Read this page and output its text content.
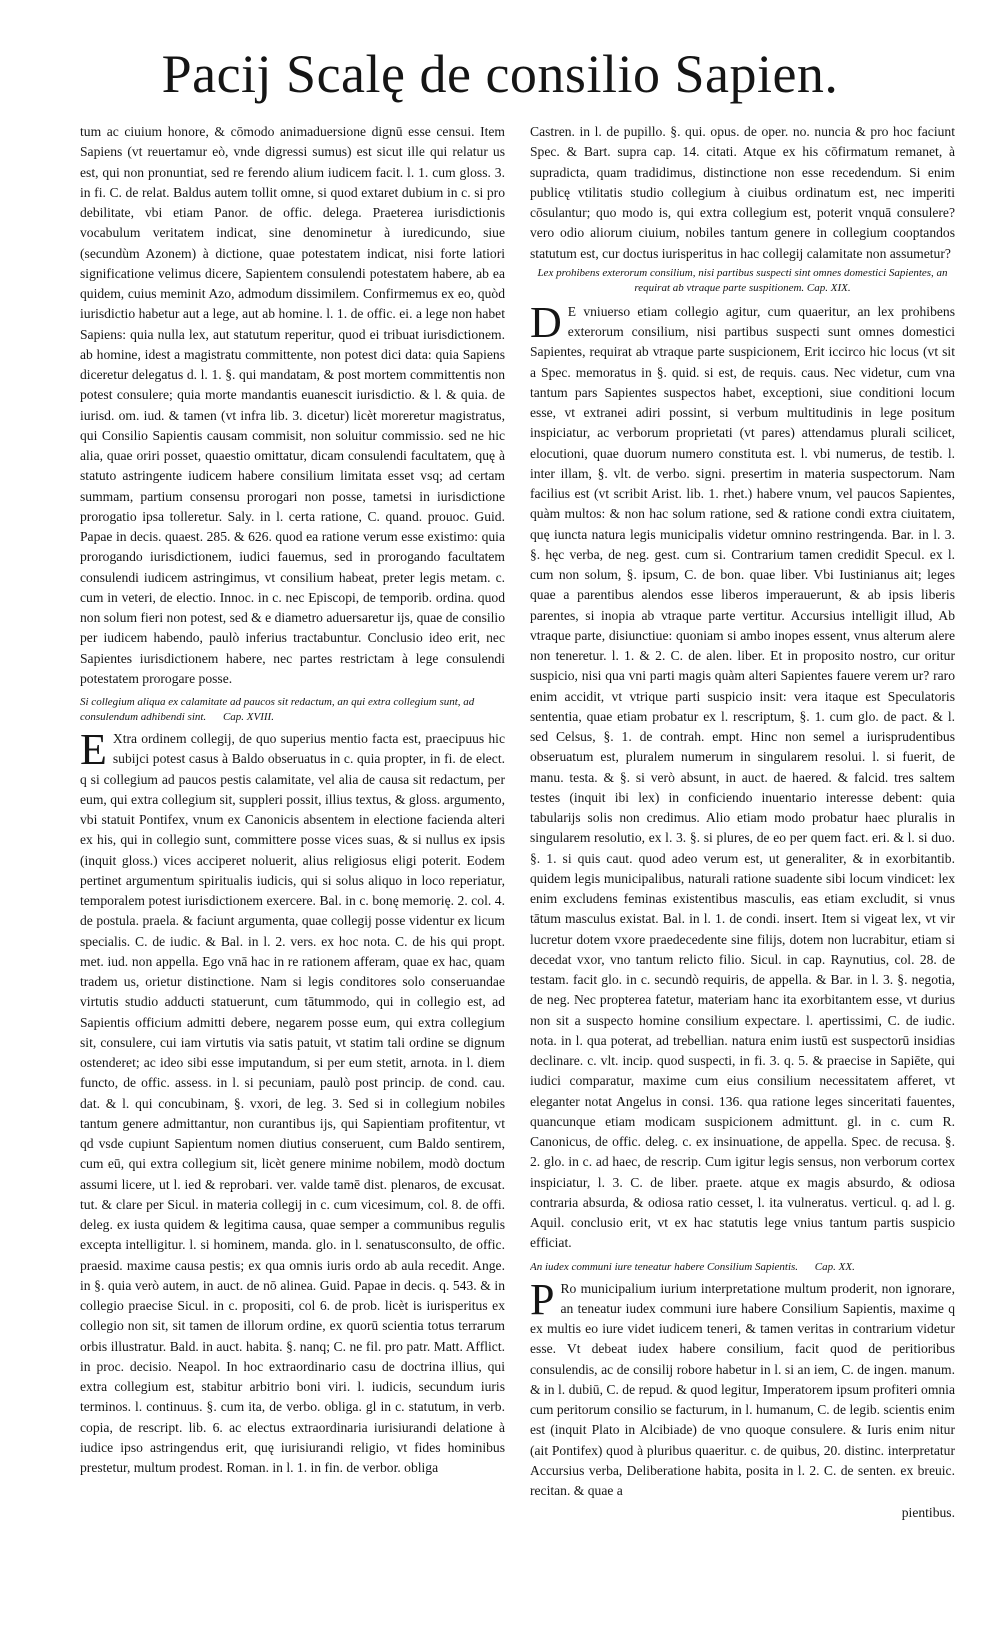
Pacij Scalę de consilio Sapien.

tum ac ciuium honore, & cōmodo animaduersione dignū esse censui. Item Sapiens (vt reuertamur eò, vnde digressi sumus) est sicut ille qui relatur us est, qui non pronuntiat, sed re ferendo alium iudicem facit. l. 1. cum gloss. 3. in fi. C. de relat. Baldus autem tollit omne, si quod extaret dubium in c. si pro debilitate, vbi etiam Panor. de offic. delega. Praeterea iurisdictionis vocabulum veritatem indicat, sine denominetur à iuredicundo, siue (secundùm Azonem) à dictione, quae potestatem indicat, nisi forte latiori significatione velimus dicere, Sapientem consulendi potestatem habere, ab ea quidem, cuius meminit Azo, admodum dissimilem. Confirmemus ex eo, quòd iurisdictio habetur aut a lege, aut ab homine. l. 1. de offic. ei. a lege non habet Sapiens: quia nulla lex, aut statutum reperitur, quod ei tribuat iurisdictionem. ab homine, idest a magistratu committente, non potest dici data: quia Sapiens diceretur delegatus d. l. 1. §. qui mandatam, & post mortem committentis non potest consulere; quia morte mandantis euanescit iurisdictio. & l. & quia. de iurisd. om. iud. & tamen (vt infra lib. 3. dicetur) licèt moreretur magistratus, qui Consilio Sapientis causam commisit, non soluitur commissio. sed ne hic alia, quae oriri posset, quaestio omittatur, dicam consulendi facultatem, quę à statuto astringente iudicem habere consilium limitata esset vsq; ad certam summam, partium consensu prorogari non posse, tametsi in iurisdictione prorogatio ipsa tolleretur. Saly. in l. certa ratione, C. quand. prouoc. Guid. Papae in decis. quaest. 285. & 626. quod ea ratione verum esse existimo: quia prorogando iurisdictionem, iudici fauemus, sed in prorogando facultatem consulendi iudicem astringimus, vt consilium habeat, preter legis metam. c. cum in veteri, de electio. Innoc. in c. nec Episcopi, de temporib. ordina. quod non solum fieri non potest, sed & e diametro aduersaretur ijs, quae de consilio per iudicem habendo, paulò inferius tractabuntur. Conclusio ideo erit, nec Sapientes iurisdictionem habere, nec partes restrictam à lege consulendi potestatem prorogare posse.

Si collegium aliqua ex calamitate ad paucos sit redactum, an qui extra collegium sunt, ad consulendum adhibendi sint. Cap. XVIII.

E Xtra ordinem collegij, de quo superius mentio facta est, praecipuus hic subijci potest casus à Baldo obseruatus in c. quia propter, in fi. de elect. q si collegium ad paucos pestis calamitate, vel alia de causa sit redactum, per eum, qui extra collegium sit, suppleri possit, illius textus, & gloss. argumento, vbi statuit Pontifex, vnum ex Canonicis absentem in electione facienda alteri ex his, qui in collegio sunt, committere posse vices suas, & si nullus ex ipsis (inquit gloss.) vices acciperet noluerit, alius religiosus eligi poterit. Eodem pertinet argumentum spiritualis iudicis, qui si solus aliquo in loco reperiatur, temporalem potest iurisdictionem exercere. Bal. in c. bonę memorię. 2. col. 4. de postula. praela. & faciunt argumenta, quae collegij posse videntur ex licum specialis. C. de iudic. & Bal. in l. 2. vers. ex hoc nota. C. de his qui propt. met. iud. non appella. Ego vnā hac in re rationem afferam, quae ex hac, quam tradem us, orietur distinctione. Nam si legis conditores solo conseruandae virtutis studio adducti statuerunt, cum tātummodo, qui in collegio est, ad Sapientis officium admitti debere, negarem posse eum, qui extra collegium sit, consulere, cui iam virtutis via satis patuit, vt statim tali ordine se dignum ostenderet; ac ideo sibi esse imputandum, si per eum stetit, arnota. in l. diem functo, de offic. assess. in l. si pecuniam, paulò post princip. de cond. cau. dat. & l. qui concubinam, §. vxori, de leg. 3. Sed si in collegium nobiles tantum genere admittantur, non curantibus ijs, qui Sapientiam profitentur, vt qd vsde cupiunt Sapientum nomen diutius conseruent, cum Baldo sentirem, cum eū, qui extra collegium sit, licèt genere minime nobilem, modò doctum assumi licere, ut l. ied & reprobari. ver. valde tamē dist. plenaros, de excusat. tut. & clare per Sicul. in materia collegij in c. cum vicesimum, col. 8. de offi. deleg. ex iusta quidem & legitima causa, quae semper a communibus regulis excepta intelligitur. l. si hominem, manda. glo. in l. senatusconsulto, de offic. praesid. maxime causa pestis; ex qua omnis iuris ordo ab aula recedit. Ange. in §. quia verò autem, in auct. de nō alinea. Guid. Papae in decis. q. 543. & in collegio praecise Sicul. in c. propositi, col 6. de prob. licèt is iurisperitus ex collegio non sit, sit tamen de illorum ordine, ex quorū scientia totus terrarum orbis illustratur. Bald. in auct. habita. §. nanq; C. ne fil. pro patr. Matt. Afflict. in proc. decisio. Neapol. In hoc extraordinario casu de doctrina illius, qui extra collegium est, stabitur arbitrio boni viri. l. iudicis, secundum iuris terminos. l. continuus. §. cum ita, de verbo. obliga. gl in c. statutum, in verb. copia, de rescript. lib. 6. ac electus extraordinaria iurisiurandi delatione à iudice ipso astringendus erit, quę iurisiurandi religio, vt fides hominibus prestetur, multum prodest. Roman. in l. 1. in fin. de verbor. obliga

Castren. in l. de pupillo. §. qui. opus. de oper. no. nuncia & pro hoc faciunt Spec. & Bart. supra cap. 14. citati. Atque ex his cōfirmatum remanet, à supradicta, quam tradidimus, distinctione non esse recedendum. Si enim publicę vtilitatis studio collegium à ciuibus ordinatum est, nec imperiti cōsulantur; quo modo is, qui extra collegium est, poterit vnquā consulere? vero odio aliorum ciuium, nobiles tantum genere in collegium cooptandos statutum est, cur doctus iurisperitus in hac collegij calamitate non assumetur?

Lex prohibens exterorum consilium, nisi partibus suspecti sint omnes domestici Sapientes, an requirat ab vtraque parte suspitionem. Cap. XIX.

D E vniuerso etiam collegio agitur, cum quaeritur, an lex prohibens exterorum consilium, nisi partibus suspecti sunt omnes domestici Sapientes, requirat ab vtraque parte suspicionem, Erit iccirco hic locus (vt sit a Spec. memoratus in §. quid. si est, de requis. caus. Nec videtur, cum vna tantum pars Sapientes suspectos habet, exceptioni, siue conditioni locum esse, vt extranei adiri possint, si verbum multitudinis in lege positum inspiciatur, ac verborum proprietati (vt pares) attendamus plurali scilicet, elocutioni, quae duorum numero constituta est. l. vbi numerus, de testib. l. inter illam, §. vlt. de verbo. signi. presertim in materia suspectorum. Nam facilius est (vt scribit Arist. lib. 1. rhet.) habere vnum, vel paucos Sapientes, quàm multos: & non hac solum ratione, sed & ratione condi extra ciuitatem, quę iuncta natura legis municipalis videtur omnino restringenda. Bar. in l. 3. §. hęc verba, de neg. gest. cum si. Contrarium tamen credidit Specul. ex l. cum non solum, §. ipsum, C. de bon. quae liber. Vbi Iustinianus ait; leges quae a parentibus alendos esse liberos imperauerunt, & ab ipsis liberis parentes, si inopia ab vtraque parte vertitur. Accursius intelligit illud, Ab vtraque parte, disiunctiue: quoniam si ambo inopes essent, vnus alterum alere non teneretur. l. 1. & 2. C. de alen. liber. Et in proposito nostro, cur oritur suspicio, nisi qua vni parti magis quàm alteri Sapientes fauere verem ur? raro enim accidit, vt vtrique parti suspicio insit: vera itaque est Speculatoris sententia, quae etiam probatur ex l. rescriptum, §. 1. cum glo. de pact. & l. sed Celsus, §. 1. de contrah. empt. Hinc non semel a iurisprudentibus obseruatum est, pluralem numerum in singularem resolui. l. si fuerit, de manu. testa. & §. si verò absunt, in auct. de haered. & falcid. tres saltem testes (inquit ibi lex) in conficiendo inuentario interesse debent: quia tabularijs solis non credimus. Alio etiam modo probatur haec pluralis in singularem resolutio, ex l. 3. §. si plures, de eo per quem fact. eri. & l. si duo. §. 1. si quis caut. quod adeo verum est, ut generaliter, & in exorbitantib. quidem legis municipalibus, naturali ratione suadente sibi locum vindicet: lex enim excludens feminas existentibus masculis, eas etiam excludit, si vnus tātum masculus existat. Bal. in l. 1. de condi. insert. Item si vigeat lex, vt vir lucretur dotem vxore praedecedente sine filijs, dotem non lucrabitur, etiam si decedat vxor, vno tantum relicto filio. Sicul. in cap. Raynutius, col. 28. de testam. facit glo. in c. secundò requiris, de appella. & Bar. in l. 3. §. negotia, de neg. Nec propterea fatetur, materiam hanc ita exorbitantem esse, vt durius non sit a suspecto homine consilium expectare. l. apertissimi, C. de iudic. nota. in l. qua poterat, ad trebellian. natura enim iustū est suspectorū insidias declinare. c. vlt. incip. quod suspecti, in fi. 3. q. 5. & praecise in Sapiēte, qui iudici comparatur, maxime cum eius consilium necessitatem afferet, vt eleganter notat Angelus in consi. 136. qua ratione leges sinceritati fauentes, quancunque etiam modicam suspicionem admittunt. gl. in c. cum R. Canonicus, de offic. deleg. c. ex insinuatione, de appella. Spec. de recusa. §. 2. glo. in c. ad haec, de rescrip. Cum igitur legis sensus, non verborum cortex inspiciatur, l. 3. C. de liber. praete. atque ex magis absurdo, & odiosa contraria absurda, & odiosa ratio cesset, l. ita vulneratus. verticul. q. ad l. g. Aquil. conclusio erit, vt ex hac statutis lege vnius tantum partis suspicio efficiat.

An iudex communi iure teneatur habere Consilium Sapientis. Cap. XX.

P Ro municipalium iurium interpretatione multum proderit, non ignorare, an teneatur iudex communi iure habere Consilium Sapientis, maxime q ex multis eo iure videt iudicem teneri, & tamen veritas in contrarium videtur esse. Vt debeat iudex habere consilium, facit quod de peritioribus consulendis, ac de consilij robore habetur in l. si an iem, C. de ingen. manum. & in l. dubiū, C. de repud. & quod legitur, Imperatorem ipsum profiteri omnia cum peritorum consilio se facturum, in l. humanum, C. de legib. scientis enim est (inquit Plato in Alcibiade) de vno quoque consulere. & Iuris enim nitur (ait Pontifex) quod à pluribus quaeritur. c. de quibus, 20. distinc. interpretatur Accursius verba, Deliberatione habita, posita in l. 2. C. de senten. ex breuic. recitan. & quae a

pientibus.
